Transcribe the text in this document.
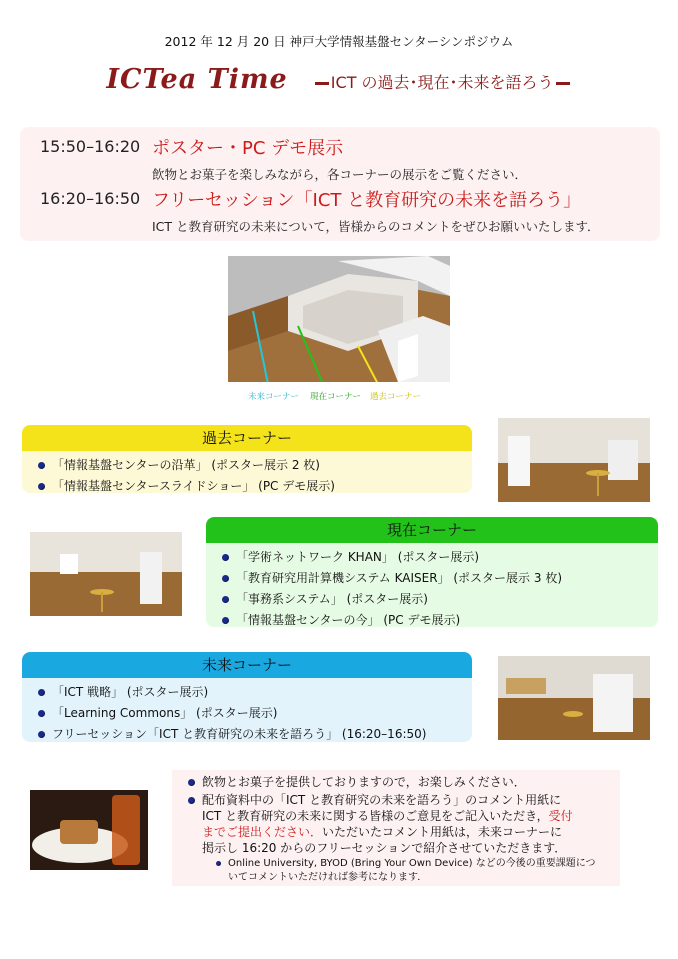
2012 年 12 月 20 日 神戸大学情報基盤センターシンポジウム
ICTea Time	ICT の過去･現在･未来を語ろう
15:50–16:20 ポスター・PC デモ展示
飲物とお菓子を楽しみながら，各コーナーの展示をご覧ください．
16:20–16:50 フリーセッション「ICT と教育研究の未来を語ろう」
ICT と教育研究の未来について，皆様からのコメントをぜひお願いいたします．
未来コーナー 現在コーナー 過去コーナー
過去コーナー
「情報基盤センターの沿革」 (ポスター展示 2 枚)
「情報基盤センタースライドショー」 (PC デモ展示)
現在コーナー
「学術ネットワーク KHAN」 (ポスター展示)
「教育研究用計算機システム KAISER」 (ポスター展示 3 枚)
「事務系システム」 (ポスター展示)
「情報基盤センターの今」 (PC デモ展示)
未来コーナー
「ICT 戦略」 (ポスター展示)
「Learning Commons」 (ポスター展示)
フリーセッション「ICT と教育研究の未来を語ろう」 (16:20–16:50)
飲物とお菓子を提供しておりますので，お楽しみください．
配布資料中の「ICT と教育研究の未来を語ろう」のコメント用紙に
ICT と教育研究の未来に関する皆様のご意見をご記入いただき，受付
までご提出ください．いただいたコメント用紙は，未来コーナーに
掲示し 16:20 からのフリーセッションで紹介させていただきます．
Online University, BYOD (Bring Your Own Device) などの今後の重要課題につ
いてコメントいただければ参考になります．
